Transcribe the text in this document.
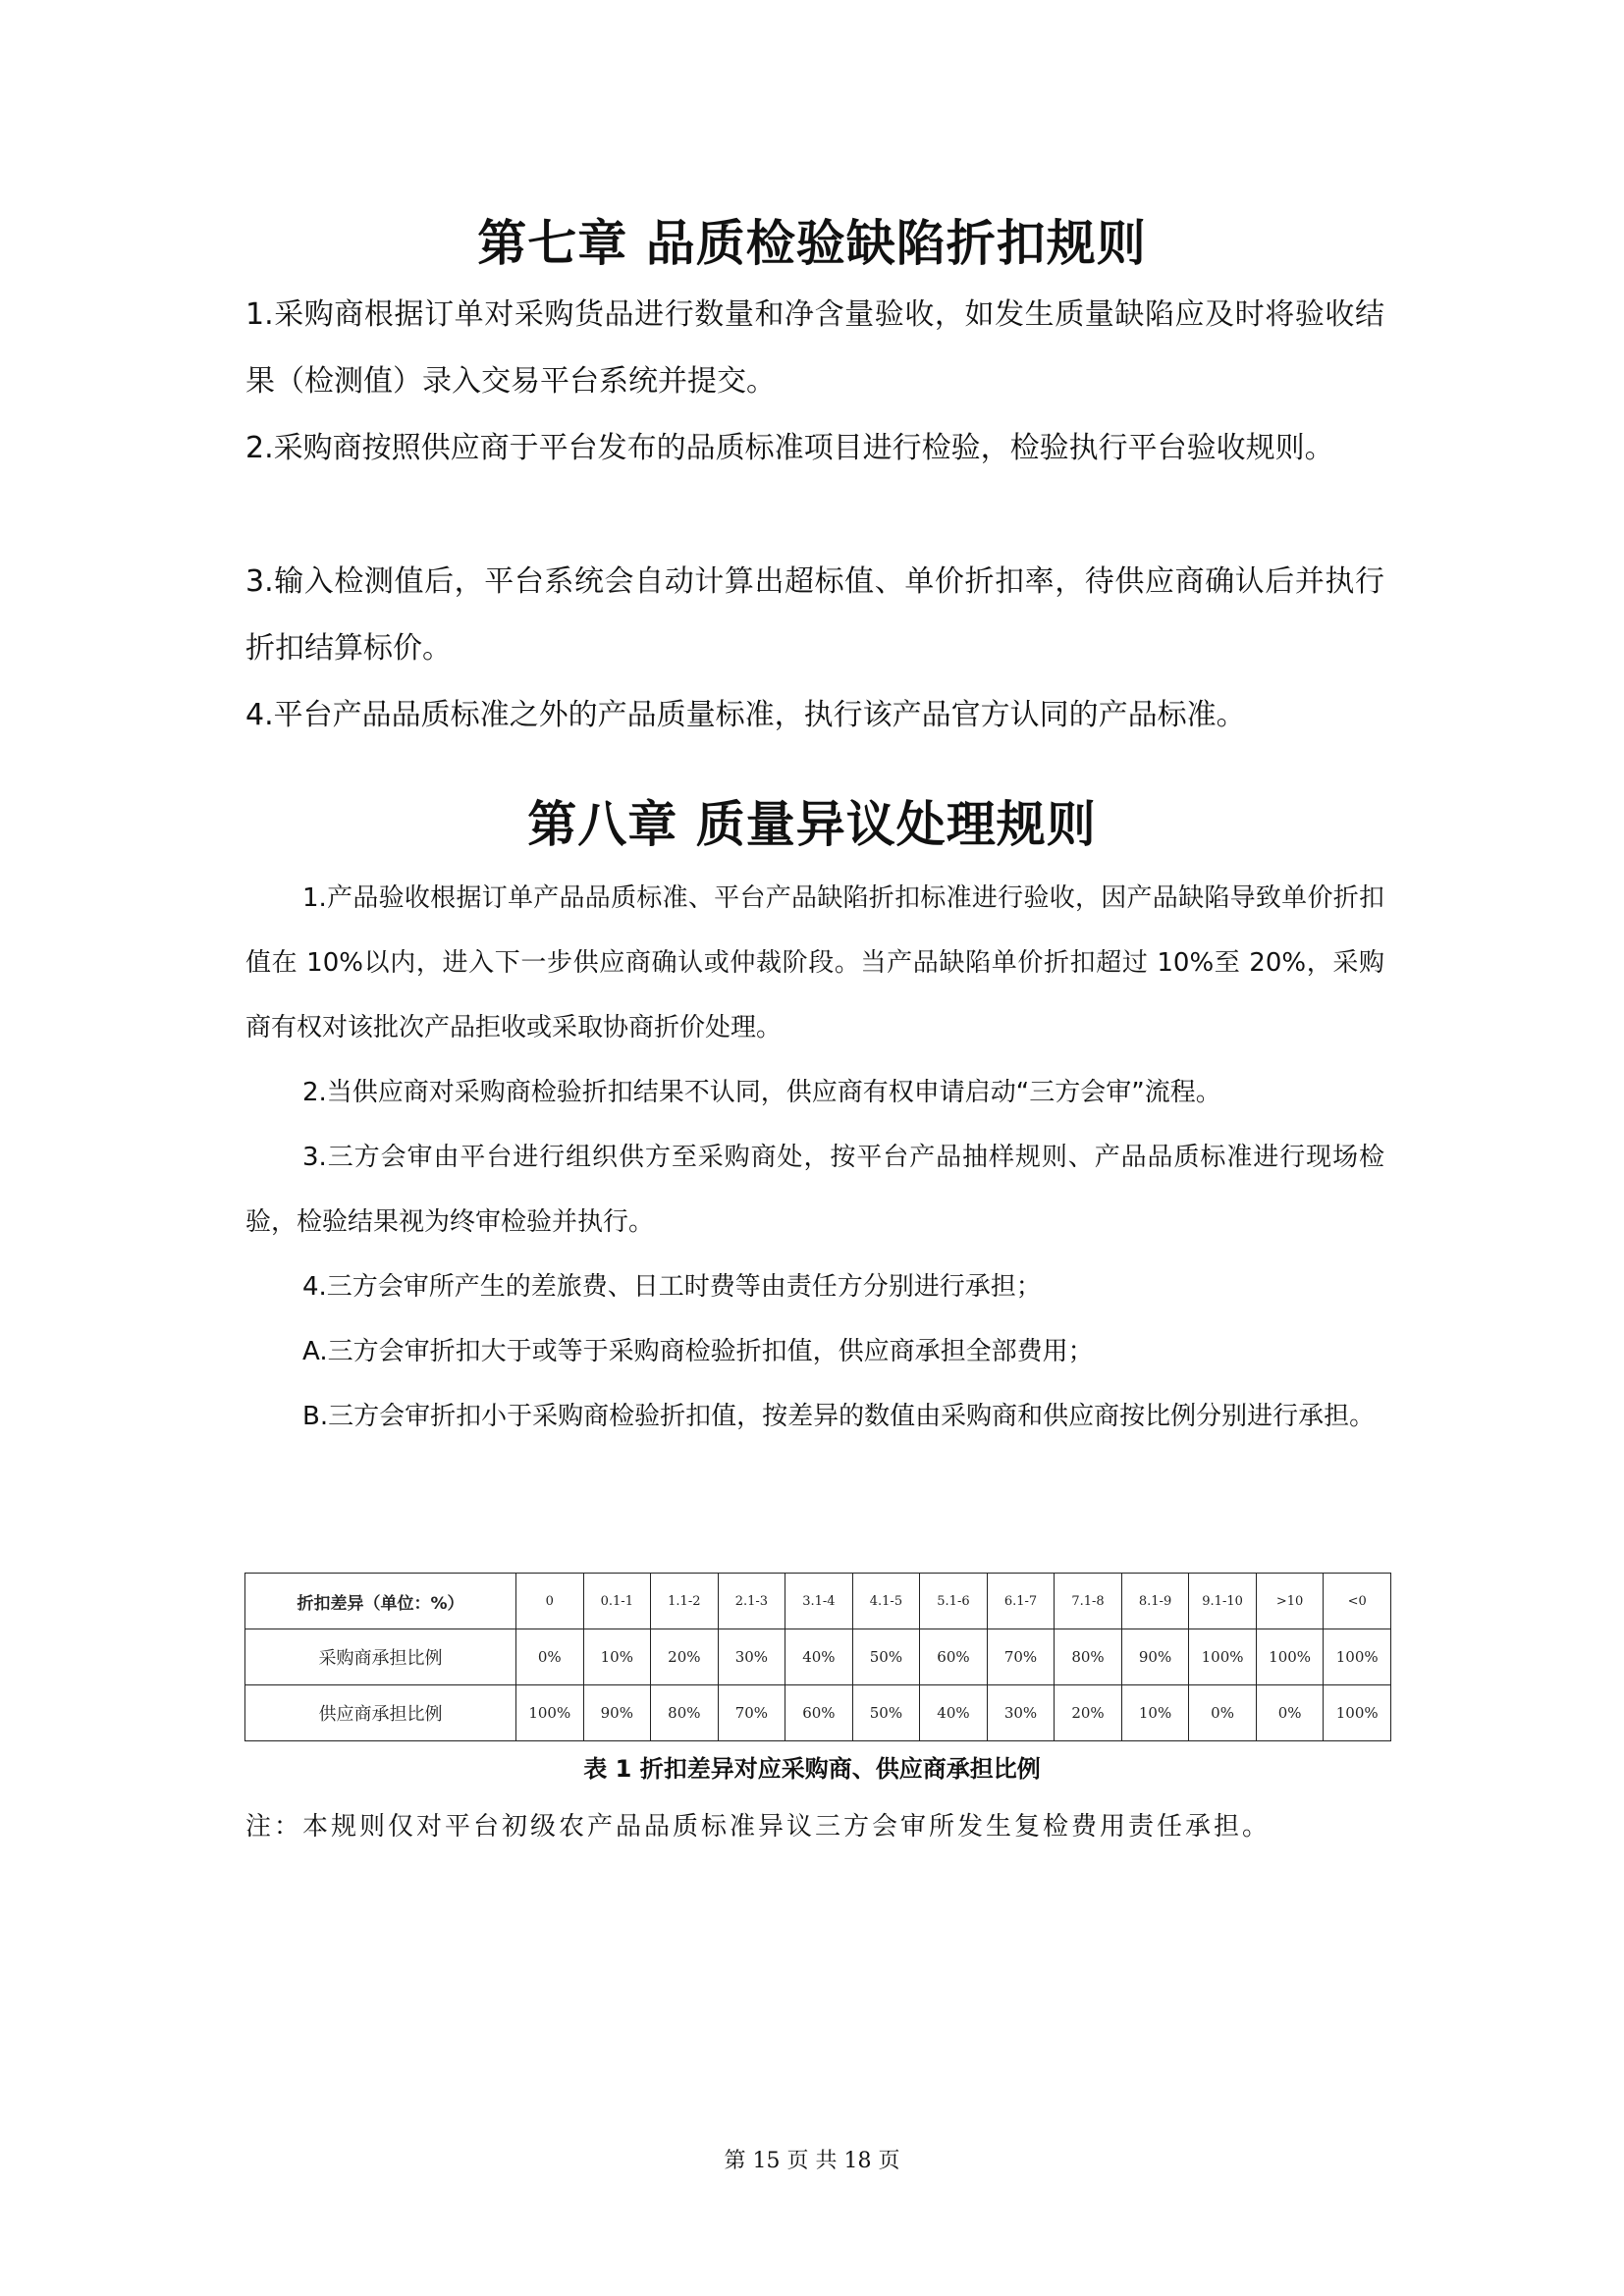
第七章 品质检验缺陷折扣规则

1.采购商根据订单对采购货品进行数量和净含量验收，如发生质量缺陷应及时将验收结果（检测值）录入交易平台系统并提交。

2.采购商按照供应商于平台发布的品质标准项目进行检验，检验执行平台验收规则。

3.输入检测值后，平台系统会自动计算出超标值、单价折扣率，待供应商确认后并执行折扣结算标价。

4.平台产品品质标准之外的产品质量标准，执行该产品官方认同的产品标准。

第八章 质量异议处理规则

1.产品验收根据订单产品品质标准、平台产品缺陷折扣标准进行验收，因产品缺陷导致单价折扣值在 10%以内，进入下一步供应商确认或仲裁阶段。当产品缺陷单价折扣超过 10%至 20%，采购商有权对该批次产品拒收或采取协商折价处理。

2.当供应商对采购商检验折扣结果不认同，供应商有权申请启动“三方会审”流程。

3.三方会审由平台进行组织供方至采购商处，按平台产品抽样规则、产品品质标准进行现场检验，检验结果视为终审检验并执行。

4.三方会审所产生的差旅费、日工时费等由责任方分别进行承担；

A.三方会审折扣大于或等于采购商检验折扣值，供应商承担全部费用；

B.三方会审折扣小于采购商检验折扣值，按差异的数值由采购商和供应商按比例分别进行承担。

折扣差异（单位：%）	0	0.1-1	1.1-2	2.1-3	3.1-4	4.1-5	5.1-6	6.1-7	7.1-8	8.1-9	9.1-10	>10	<0
采购商承担比例	0%	10%	20%	30%	40%	50%	60%	70%	80%	90%	100%	100%	100%
供应商承担比例	100%	90%	80%	70%	60%	50%	40%	30%	20%	10%	0%	0%	100%

表 1 折扣差异对应采购商、供应商承担比例

注：本规则仅对平台初级农产品品质标准异议三方会审所发生复检费用责任承担。

第 15 页 共 18 页
